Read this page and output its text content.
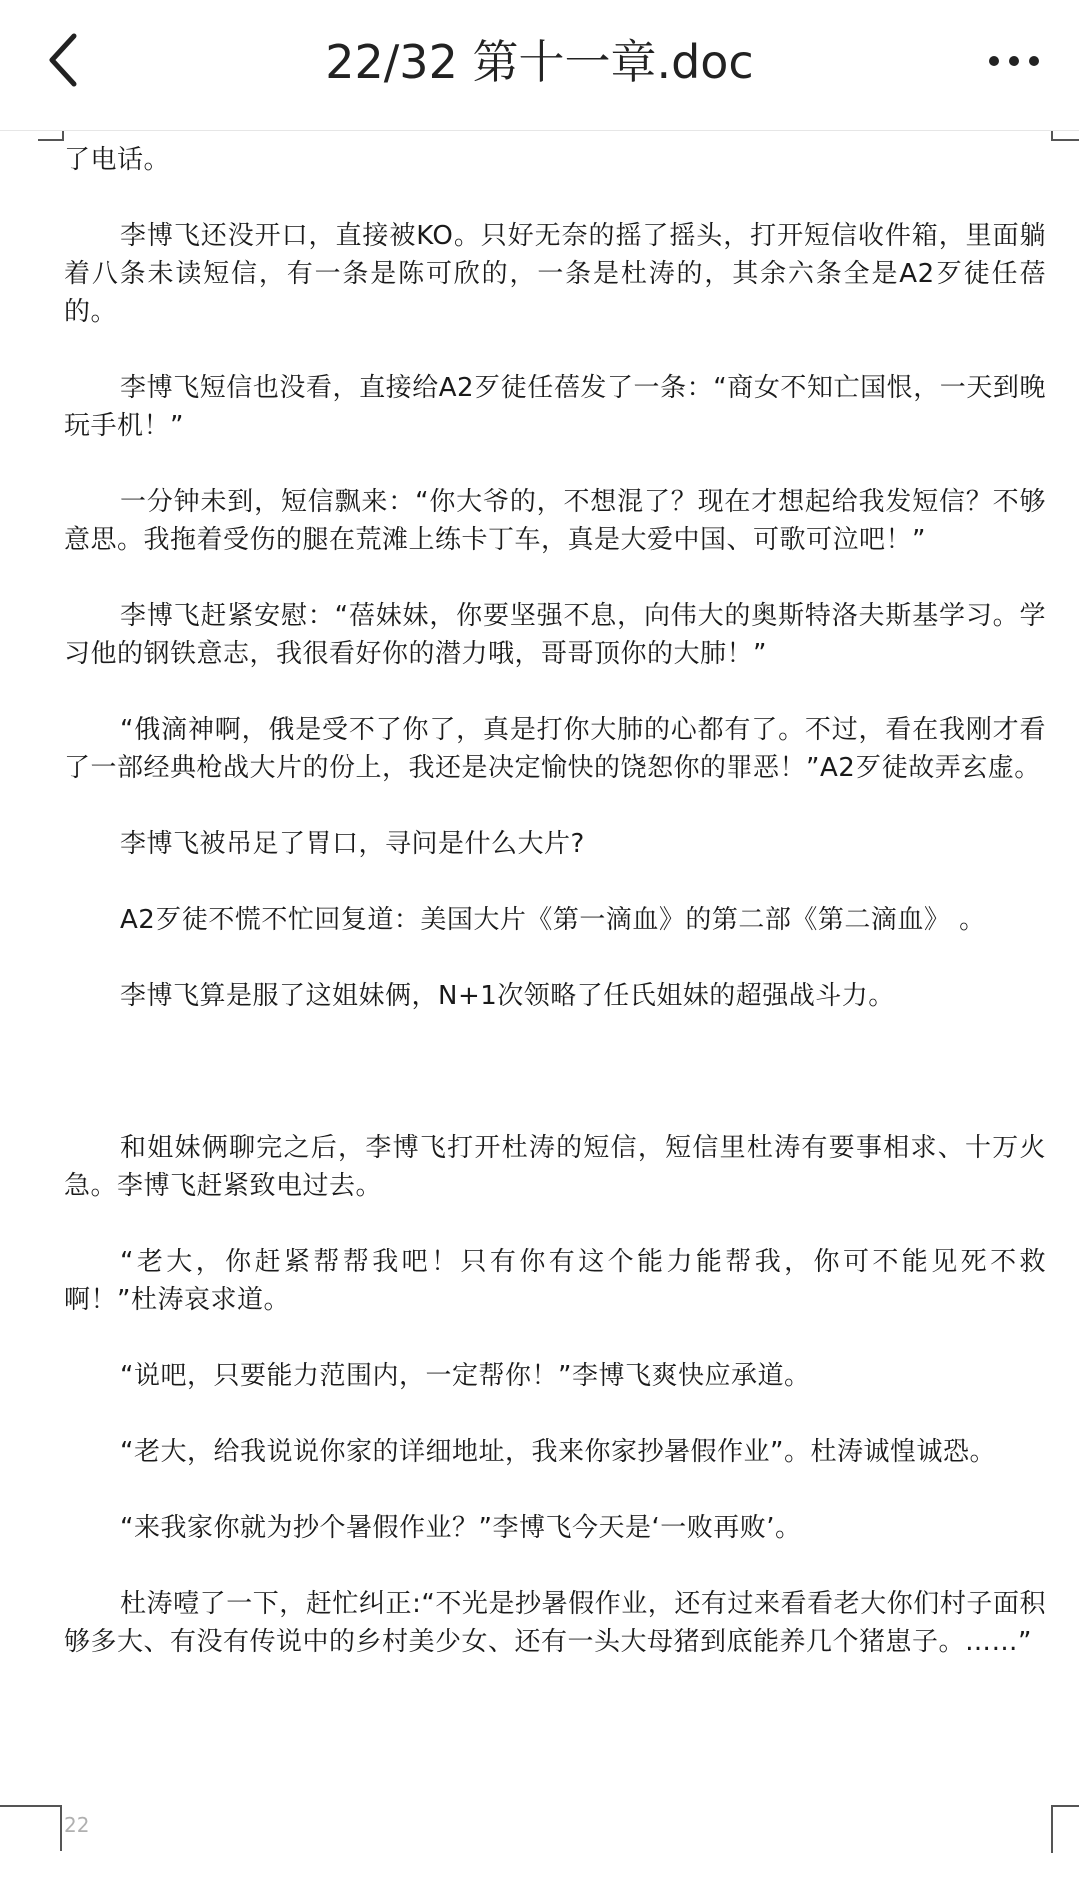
22/32 第十一章.doc

了电话。

李博飞还没开口，直接被KO。只好无奈的摇了摇头，打开短信收件箱，里面躺着八条未读短信，有一条是陈可欣的，一条是杜涛的，其余六条全是A2歹徒任蓓的。

李博飞短信也没看，直接给A2歹徒任蓓发了一条：“商女不知亡国恨，一天到晚玩手机！”

一分钟未到，短信飘来：“你大爷的，不想混了？现在才想起给我发短信？不够意思。我拖着受伤的腿在荒滩上练卡丁车，真是大爱中国、可歌可泣吧！”

李博飞赶紧安慰：“蓓妹妹，你要坚强不息，向伟大的奥斯特洛夫斯基学习。学习他的钢铁意志，我很看好你的潜力哦，哥哥顶你的大肺！”

“俄滴神啊，俄是受不了你了，真是打你大肺的心都有了。不过，看在我刚才看了一部经典枪战大片的份上，我还是决定愉快的饶恕你的罪恶！”A2歹徒故弄玄虚。

李博飞被吊足了胃口，寻问是什么大片?

A2歹徒不慌不忙回复道：美国大片《第一滴血》的第二部《第二滴血》 。

李博飞算是服了这姐妹俩，N+1次领略了任氏姐妹的超强战斗力。

和姐妹俩聊完之后，李博飞打开杜涛的短信，短信里杜涛有要事相求、十万火急。李博飞赶紧致电过去。

“老大，你赶紧帮帮我吧！只有你有这个能力能帮我，你可不能见死不救啊！”杜涛哀求道。

“说吧，只要能力范围内，一定帮你！”李博飞爽快应承道。

“老大，给我说说你家的详细地址，我来你家抄暑假作业”。杜涛诚惶诚恐。

“来我家你就为抄个暑假作业？”李博飞今天是‘一败再败’。

杜涛噎了一下，赶忙纠正:“不光是抄暑假作业，还有过来看看老大你们村子面积够多大、有没有传说中的乡村美少女、还有一头大母猪到底能养几个猪崽子。……”

22
